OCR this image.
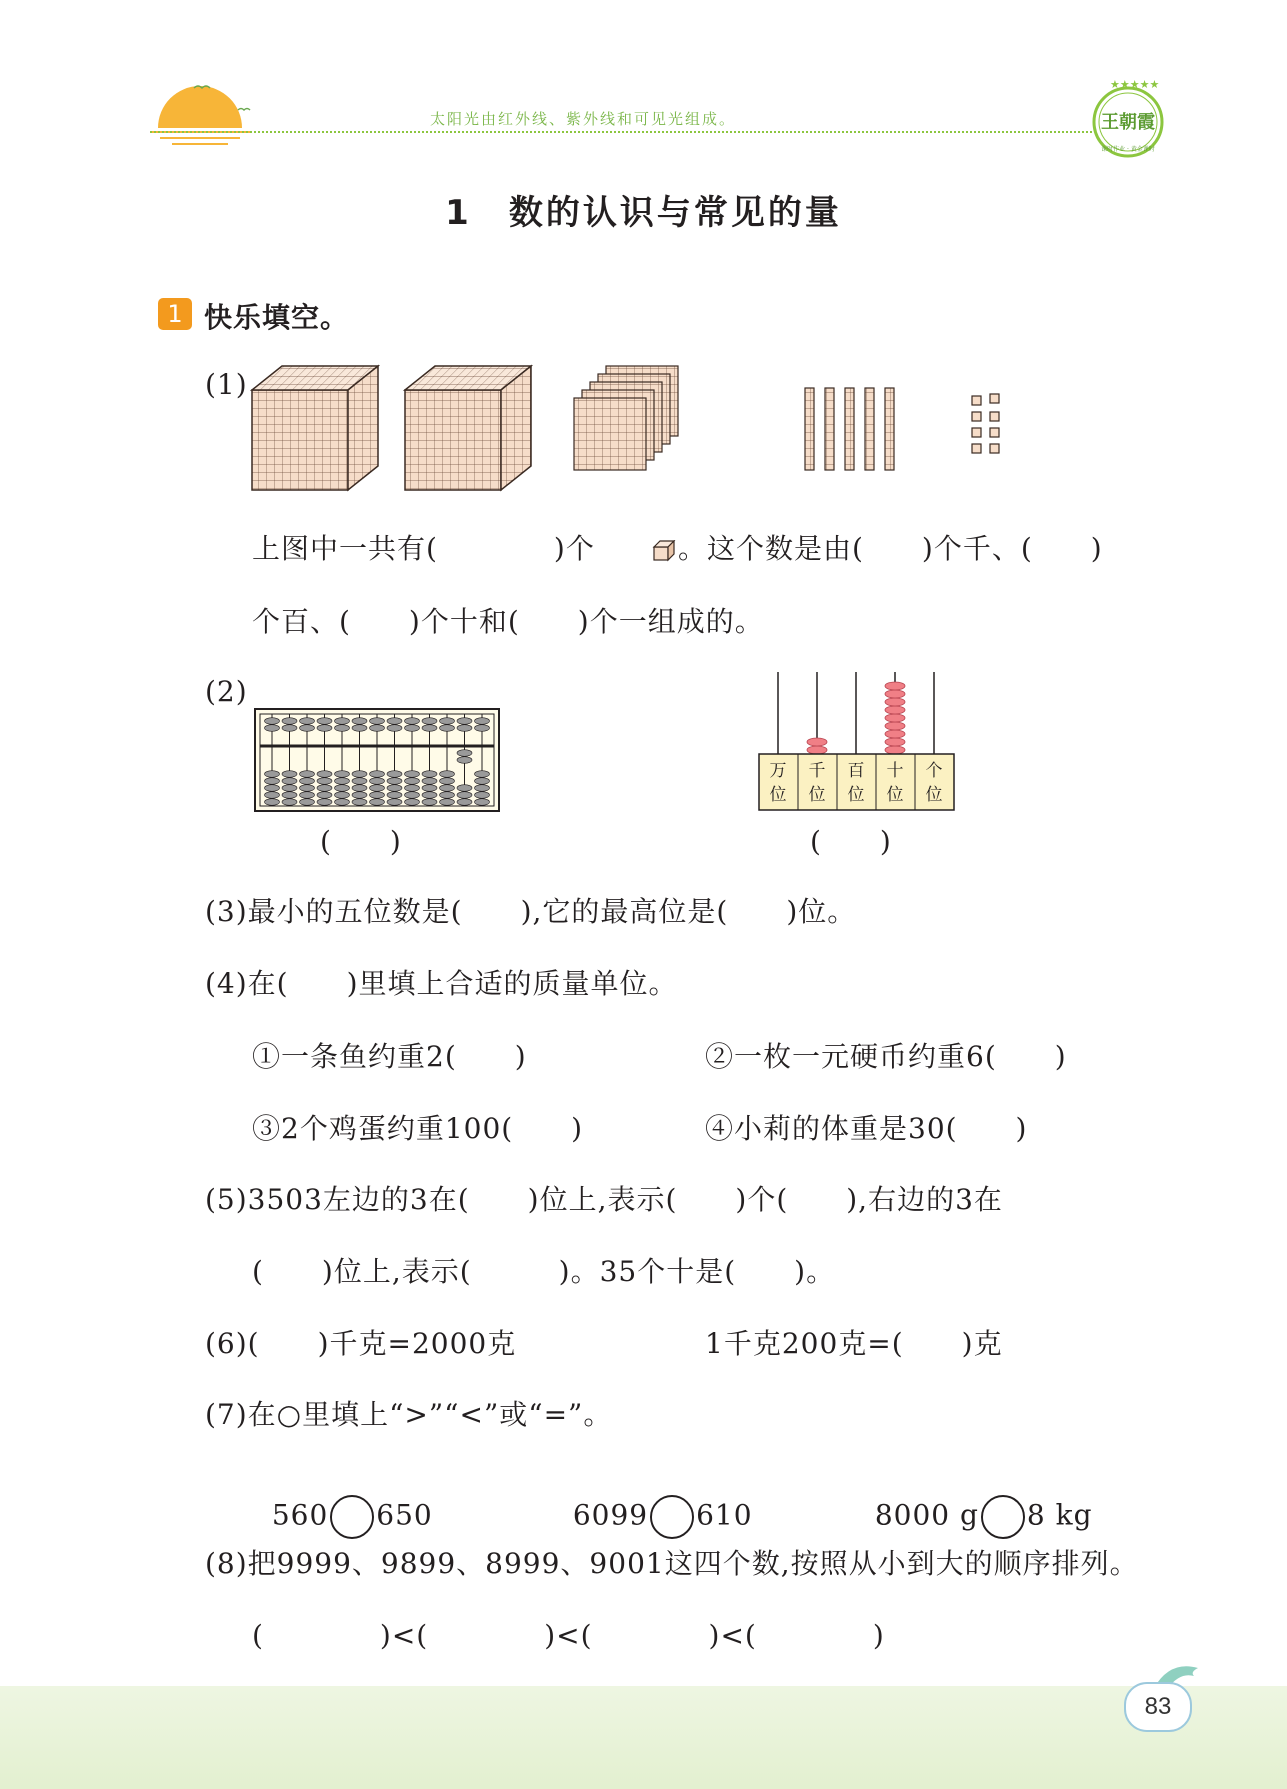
太阳光由红外线、紫外线和可见光组成。
★★★★★
王朝霞
课时作业 · 黄金课时
1　数的认识与常见的量
1 快乐填空。
(1)
上图中一共有(　　　　)个	。这个数是由(　　)个千、(　　)
个百、(　　)个十和(　　)个一组成的。
(2)
(　　)
万
位
千
位
百
位
十
位
个
位
(　　)
(3)最小的五位数是(　　),它的最高位是(　　)位。
(4)在(　　)里填上合适的质量单位。
①一条鱼约重2(　　)	②一枚一元硬币约重6(　　)
③2个鸡蛋约重100(　　)	④小莉的体重是30(　　)
(5)3503左边的3在(　　)位上,表示(　　)个(　　),右边的3在
(　　)位上,表示(　　　)。35个十是(　　)。
(6)(　　)千克=2000克	1千克200克=(　　)克
(7)在○里填上“>”“<”或“=”。

560 650	6099 610	8000 g 8 kg

(8)把9999、9899、8999、9001这四个数,按照从小到大的顺序排列。
(　　　　)<(　　　　)<(　　　　)<(　　　　)
83
